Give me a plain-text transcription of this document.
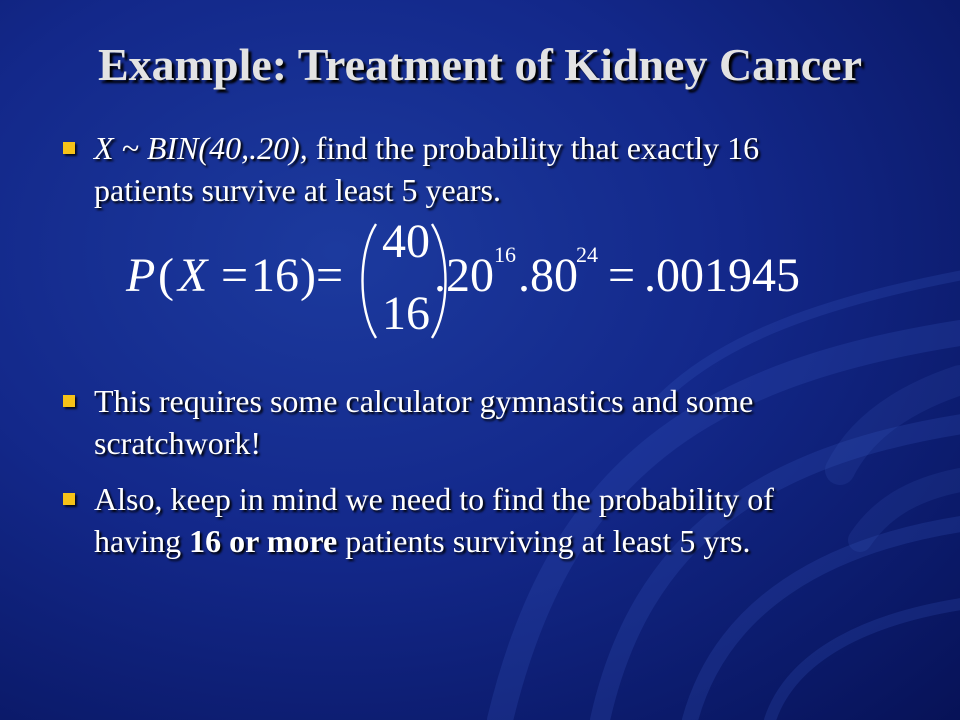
Example: Treatment of Kidney Cancer
X ~ BIN(40,.20), find the probability that exactly 16
patients survive at least 5 years.
P ( X = 16 ) =
40
16
.20 16 .80
24 = .001945
This requires some calculator gymnastics and some
scratchwork!
Also, keep in mind we need to find the probability of
having 16 or more patients surviving at least 5 yrs.
